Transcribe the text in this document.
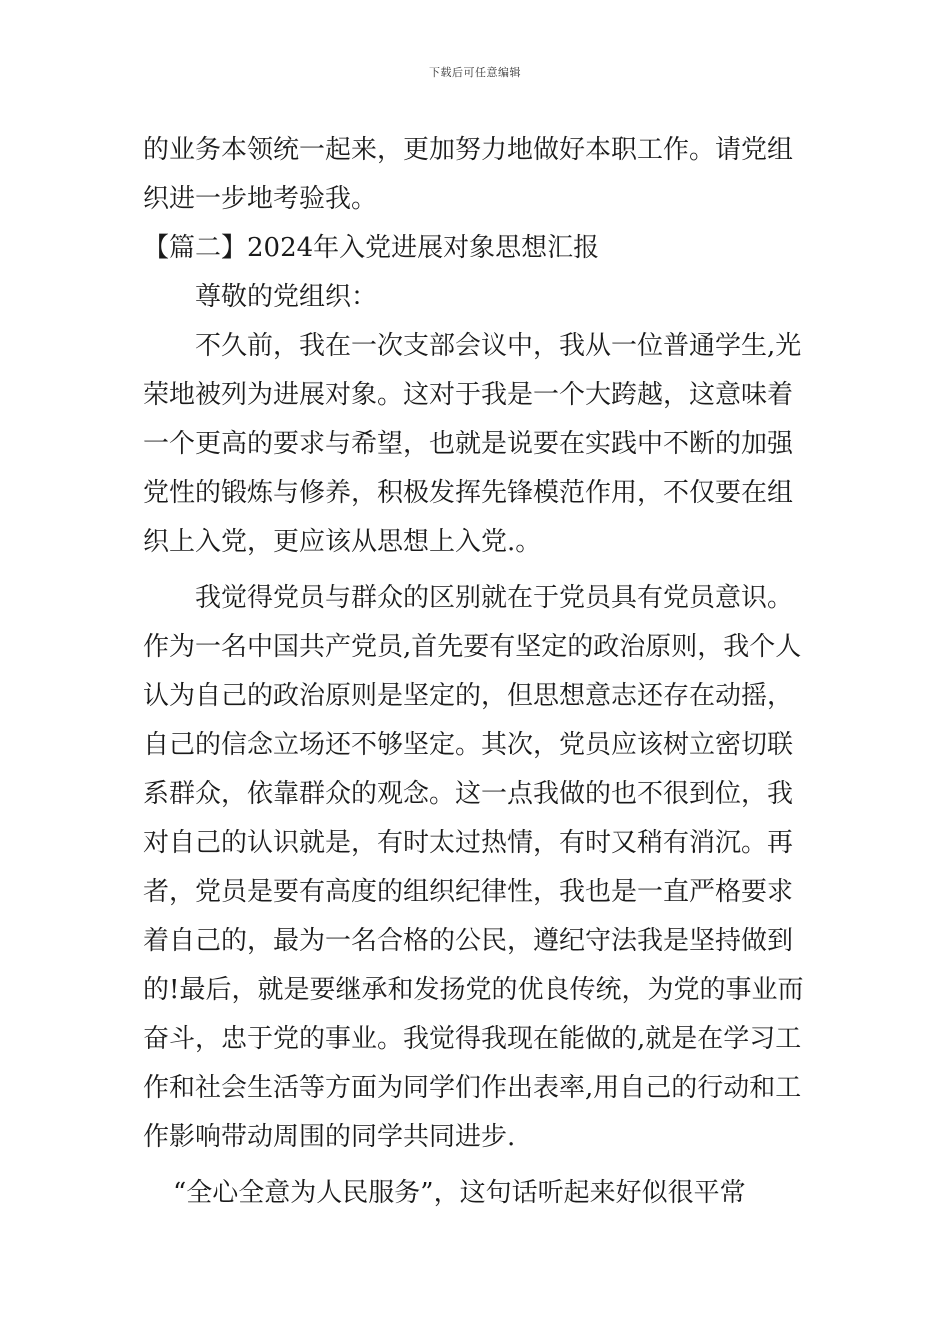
下载后可任意编辑
的业务本领统一起来，更加努力地做好本职工作。请党组
织进一步地考验我。
【篇二】2024年入党进展对象思想汇报
尊敬的党组织：
不久前，我在一次支部会议中，我从一位普通学生,光
荣地被列为进展对象。这对于我是一个大跨越，这意味着
一个更高的要求与希望，也就是说要在实践中不断的加强
党性的锻炼与修养，积极发挥先锋模范作用，不仅要在组
织上入党，更应该从思想上入党.。
我觉得党员与群众的区别就在于党员具有党员意识。
作为一名中国共产党员,首先要有坚定的政治原则，我个人
认为自己的政治原则是坚定的，但思想意志还存在动摇，
自己的信念立场还不够坚定。其次，党员应该树立密切联
系群众，依靠群众的观念。这一点我做的也不很到位，我
对自己的认识就是，有时太过热情，有时又稍有消沉。再
者，党员是要有高度的组织纪律性，我也是一直严格要求
着自己的，最为一名合格的公民，遵纪守法我是坚持做到
的!最后，就是要继承和发扬党的优良传统，为党的事业而
奋斗，忠于党的事业。我觉得我现在能做的,就是在学习工
作和社会生活等方面为同学们作出表率,用自己的行动和工
作影响带动周围的同学共同进步.
“全心全意为人民服务”，这句话听起来好似很平常
